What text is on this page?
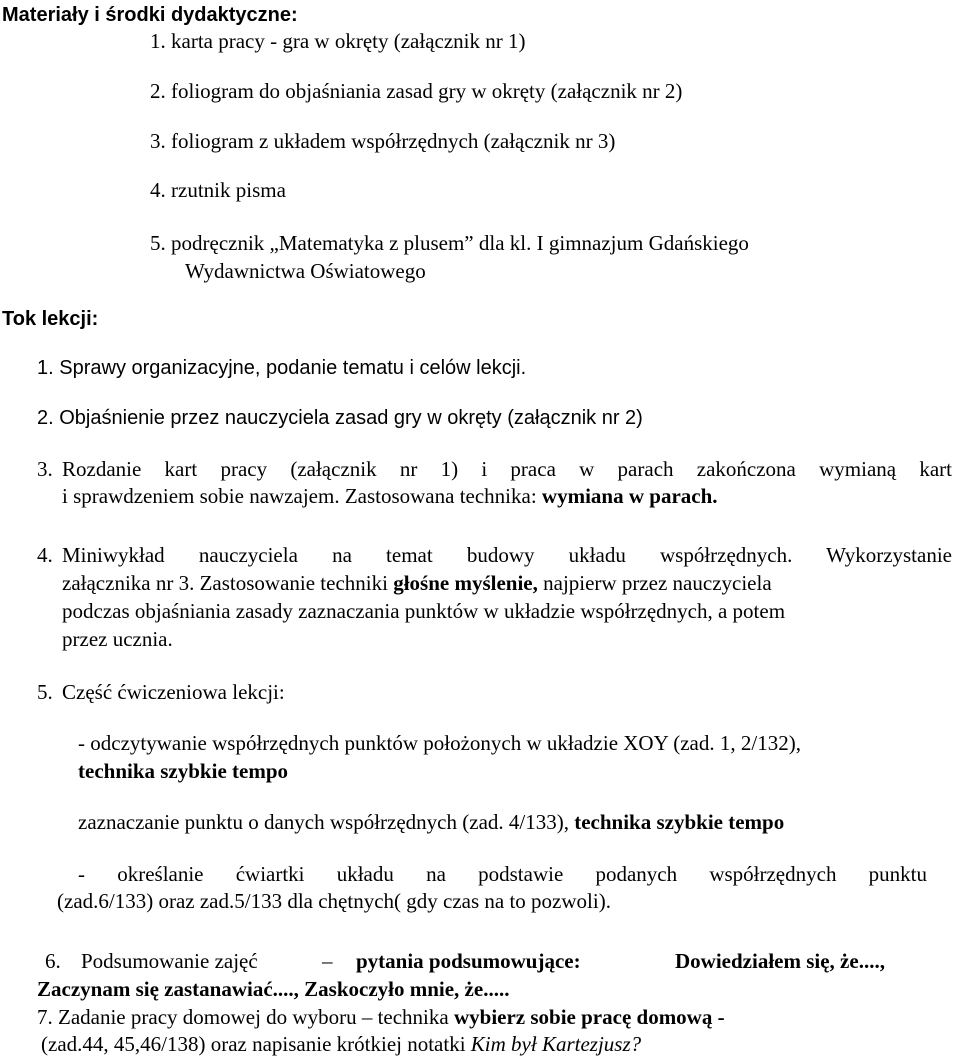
Materiały i środki dydaktyczne:
1. karta pracy - gra w okręty (załącznik nr 1)
2. foliogram do objaśniania zasad gry w okręty (załącznik nr 2)
3. foliogram z układem współrzędnych (załącznik nr 3)
4. rzutnik pisma
5. podręcznik „Matematyka z plusem” dla kl. I gimnazjum Gdańskiego
Wydawnictwa Oświatowego
Tok lekcji:
1. Sprawy organizacyjne, podanie tematu i celów lekcji.
2. Objaśnienie przez nauczyciela zasad gry w okręty (załącznik nr 2)
3. Rozdanie kart pracy (załącznik nr 1) i praca w parach zakończona wymianą kart
i sprawdzeniem sobie nawzajem. Zastosowana technika: wymiana w parach.
4. Miniwykład nauczyciela na temat budowy układu współrzędnych. Wykorzystanie
załącznika nr 3. Zastosowanie techniki głośne myślenie, najpierw przez nauczyciela
podczas objaśniania zasady zaznaczania punktów w układzie współrzędnych, a potem
przez ucznia.
5. Część ćwiczeniowa lekcji:
- odczytywanie współrzędnych punktów położonych w układzie XOY (zad. 1, 2/132),
technika szybkie tempo
zaznaczanie punktu o danych współrzędnych (zad. 4/133), technika szybkie tempo
- określanie ćwiartki układu na podstawie podanych współrzędnych punktu
(zad.6/133) oraz zad.5/133 dla chętnych( gdy czas na to pozwoli).
6. Podsumowanie zajęć	– pytania podsumowujące:	Dowiedziałem się, że....,
Zaczynam się zastanawiać...., Zaskoczyło mnie, że.....
7. Zadanie pracy domowej do wyboru – technika wybierz sobie pracę domową -
(zad.44, 45,46/138) oraz napisanie krótkiej notatki Kim był Kartezjusz?
